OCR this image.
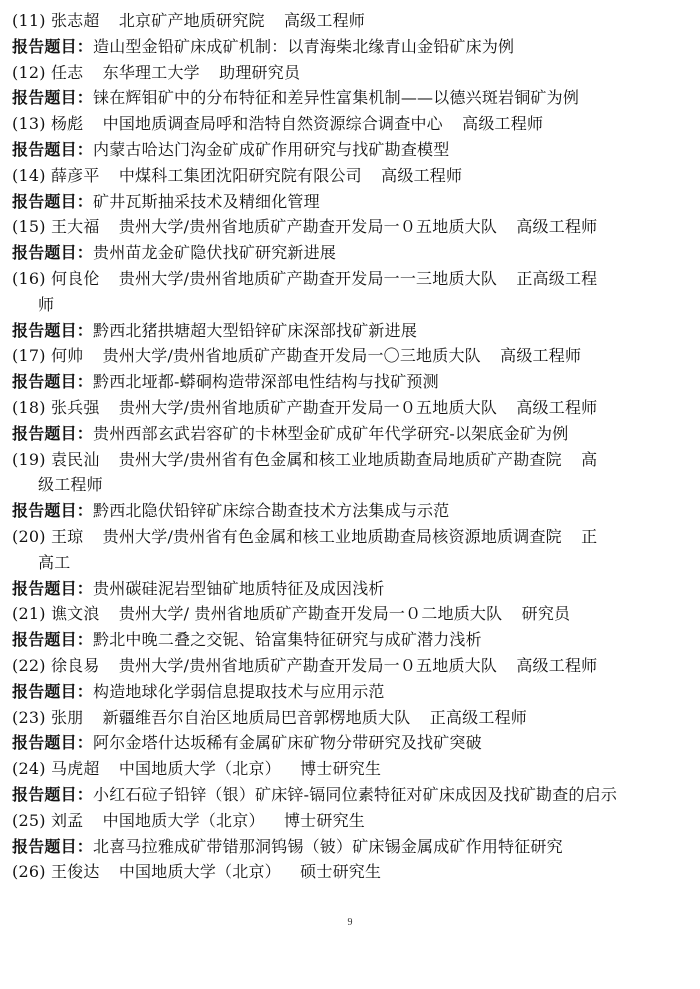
(11) 张志超 北京矿产地质研究院 高级工程师
报告题目：造山型金铅矿床成矿机制：以青海柴北缘青山金铅矿床为例
(12) 任志 东华理工大学 助理研究员
报告题目：铼在辉钼矿中的分布特征和差异性富集机制——以德兴斑岩铜矿为例
(13) 杨彪 中国地质调查局呼和浩特自然资源综合调查中心 高级工程师
报告题目：内蒙古哈达门沟金矿成矿作用研究与找矿勘查模型
(14) 薛彦平 中煤科工集团沈阳研究院有限公司 高级工程师
报告题目：矿井瓦斯抽采技术及精细化管理
(15) 王大福 贵州大学/贵州省地质矿产勘查开发局一０五地质大队 高级工程师
报告题目：贵州苗龙金矿隐伏找矿研究新进展
(16) 何良伦 贵州大学/贵州省地质矿产勘查开发局一一三地质大队 正高级工程
师
报告题目：黔西北猪拱塘超大型铅锌矿床深部找矿新进展
(17) 何帅 贵州大学/贵州省地质矿产勘查开发局一〇三地质大队 高级工程师
报告题目：黔西北垭都-蟒硐构造带深部电性结构与找矿预测
(18) 张兵强 贵州大学/贵州省地质矿产勘查开发局一０五地质大队 高级工程师
报告题目：贵州西部玄武岩容矿的卡林型金矿成矿年代学研究-以架底金矿为例
(19) 袁民汕 贵州大学/贵州省有色金属和核工业地质勘查局地质矿产勘查院 高
级工程师
报告题目：黔西北隐伏铅锌矿床综合勘查技术方法集成与示范
(20) 王琼 贵州大学/贵州省有色金属和核工业地质勘查局核资源地质调查院 正
高工
报告题目：贵州碳硅泥岩型铀矿地质特征及成因浅析
(21) 谯文浪 贵州大学/ 贵州省地质矿产勘查开发局一０二地质大队 研究员
报告题目：黔北中晚二叠之交铌、铪富集特征研究与成矿潜力浅析
(22) 徐良易 贵州大学/贵州省地质矿产勘查开发局一０五地质大队 高级工程师
报告题目：构造地球化学弱信息提取技术与应用示范
(23) 张朋 新疆维吾尔自治区地质局巴音郭楞地质大队 正高级工程师
报告题目：阿尔金塔什达坂稀有金属矿床矿物分带研究及找矿突破
(24) 马虎超 中国地质大学（北京） 博士研究生
报告题目：小红石砬子铅锌（银）矿床锌-镉同位素特征对矿床成因及找矿勘查的启示
(25) 刘孟 中国地质大学（北京） 博士研究生
报告题目：北喜马拉雅成矿带错那洞钨锡（铍）矿床锡金属成矿作用特征研究
(26) 王俊达 中国地质大学（北京） 硕士研究生
9
